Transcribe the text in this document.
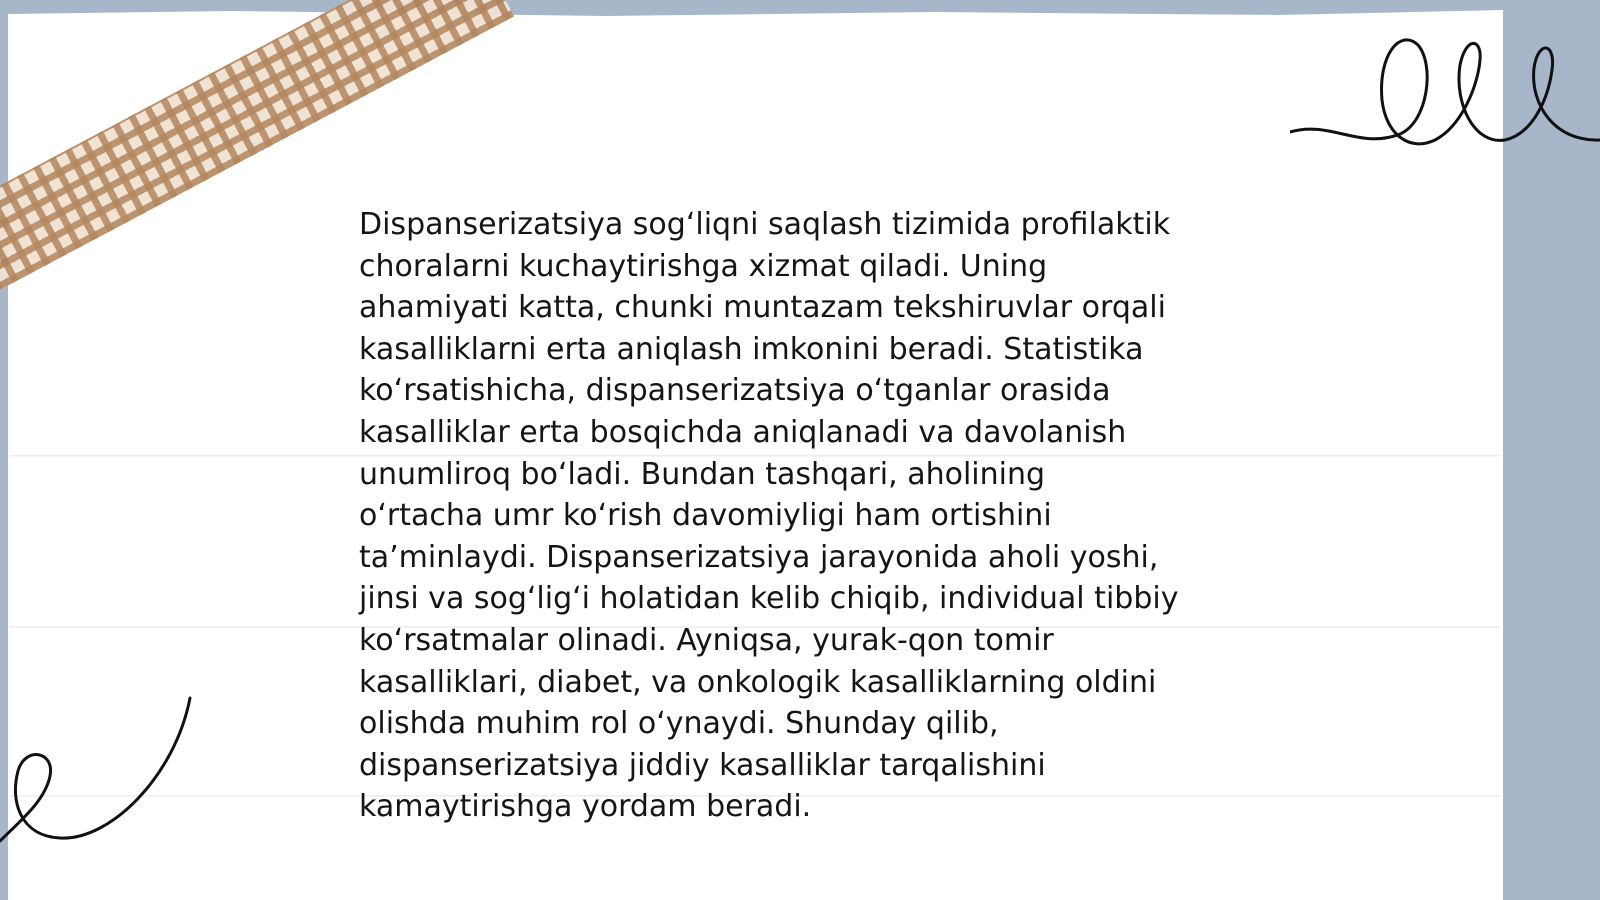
Dispanserizatsiya sogʻliqni saqlash tizimida profilaktik
choralarni kuchaytirishga xizmat qiladi. Uning
ahamiyati katta, chunki muntazam tekshiruvlar orqali
kasalliklarni erta aniqlash imkonini beradi. Statistika
koʻrsatishicha, dispanserizatsiya oʻtganlar orasida
kasalliklar erta bosqichda aniqlanadi va davolanish
unumliroq boʻladi. Bundan tashqari, aholining
oʻrtacha umr koʻrish davomiyligi ham ortishini
taʼminlaydi. Dispanserizatsiya jarayonida aholi yoshi,
jinsi va sogʻligʻi holatidan kelib chiqib, individual tibbiy
koʻrsatmalar olinadi. Ayniqsa, yurak-qon tomir
kasalliklari, diabet, va onkologik kasalliklarning oldini
olishda muhim rol oʻynaydi. Shunday qilib,
dispanserizatsiya jiddiy kasalliklar tarqalishini
kamaytirishga yordam beradi.
